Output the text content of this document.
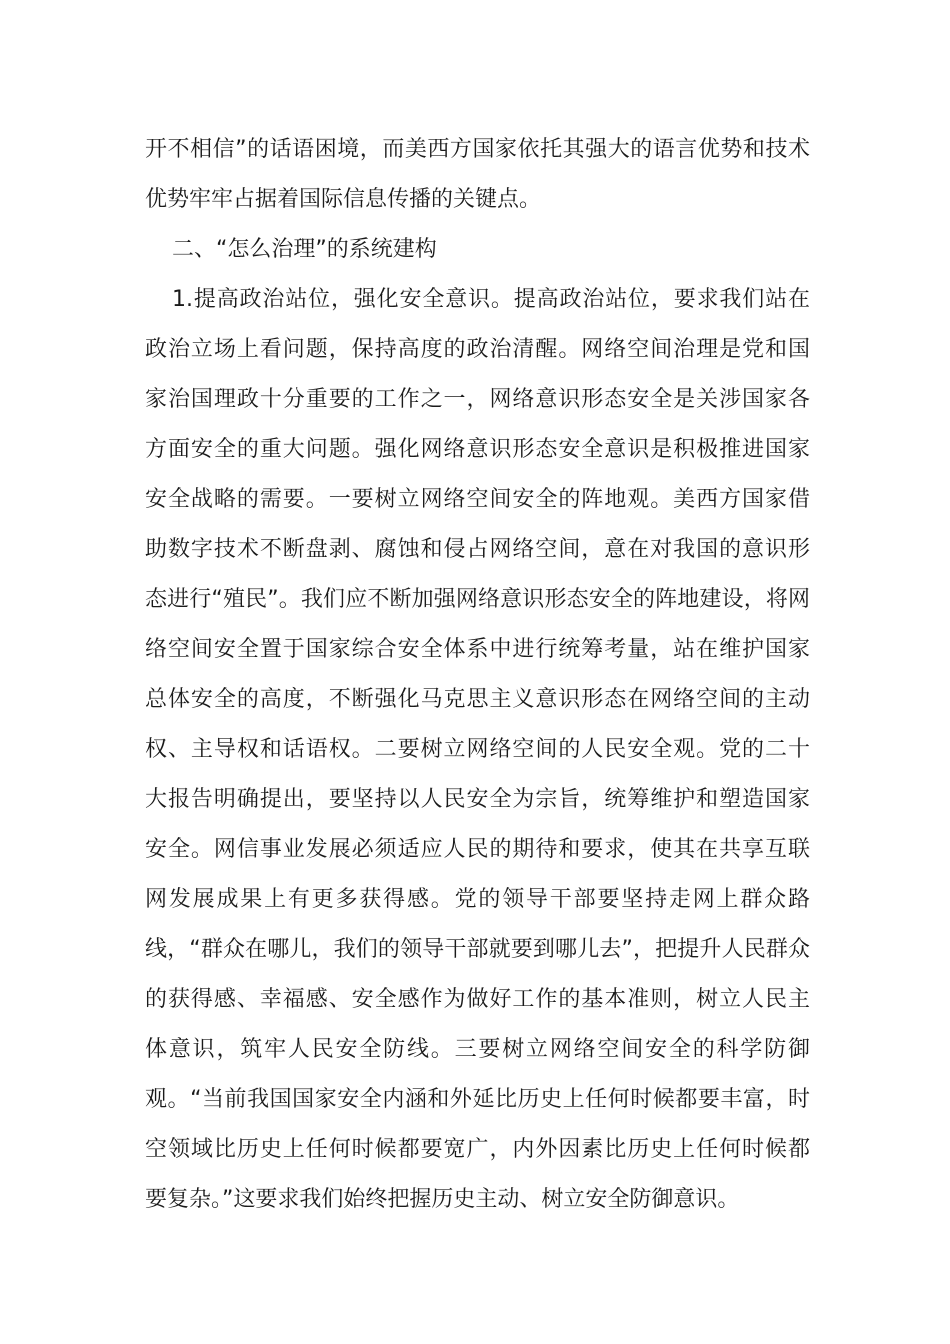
开不相信”的话语困境，而美西方国家依托其强大的语言优势和技术
优势牢牢占据着国际信息传播的关键点。
二、“怎么治理”的系统建构
1.提高政治站位，强化安全意识。提高政治站位，要求我们站在
政治立场上看问题，保持高度的政治清醒。网络空间治理是党和国
家治国理政十分重要的工作之一，网络意识形态安全是关涉国家各
方面安全的重大问题。强化网络意识形态安全意识是积极推进国家
安全战略的需要。一要树立网络空间安全的阵地观。美西方国家借
助数字技术不断盘剥、腐蚀和侵占网络空间，意在对我国的意识形
态进行“殖民”。我们应不断加强网络意识形态安全的阵地建设，将网
络空间安全置于国家综合安全体系中进行统筹考量，站在维护国家
总体安全的高度，不断强化马克思主义意识形态在网络空间的主动
权、主导权和话语权。二要树立网络空间的人民安全观。党的二十
大报告明确提出，要坚持以人民安全为宗旨，统筹维护和塑造国家
安全。网信事业发展必须适应人民的期待和要求，使其在共享互联
网发展成果上有更多获得感。党的领导干部要坚持走网上群众路
线，“群众在哪儿，我们的领导干部就要到哪儿去”，把提升人民群众
的获得感、幸福感、安全感作为做好工作的基本准则，树立人民主
体意识，筑牢人民安全防线。三要树立网络空间安全的科学防御
观。“当前我国国家安全内涵和外延比历史上任何时候都要丰富，时
空领域比历史上任何时候都要宽广，内外因素比历史上任何时候都
要复杂。”这要求我们始终把握历史主动、树立安全防御意识。
